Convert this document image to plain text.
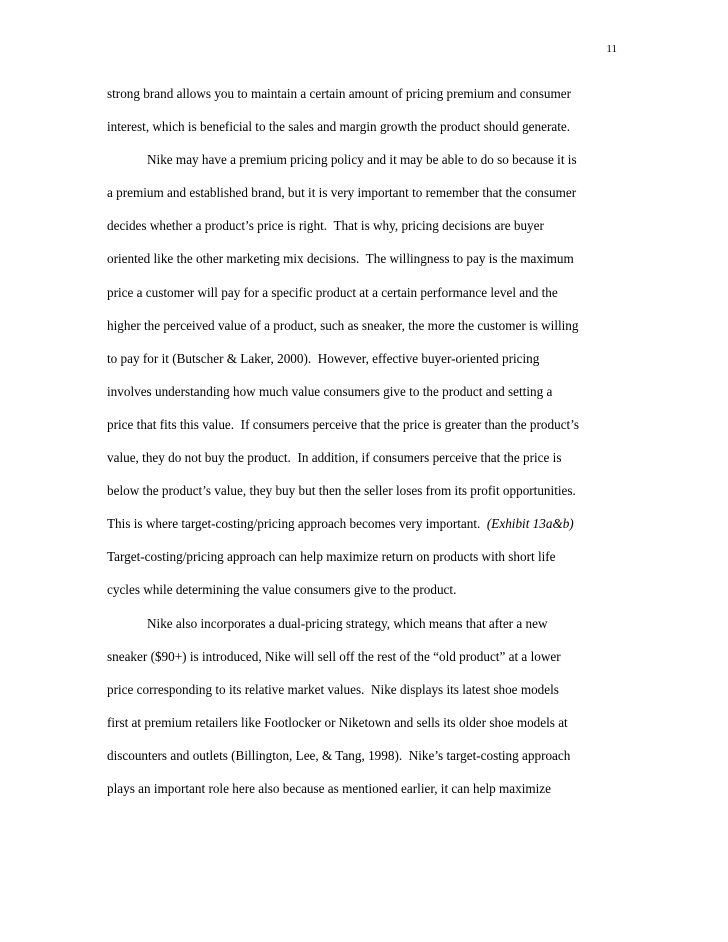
11
strong brand allows you to maintain a certain amount of pricing premium and consumer
interest, which is beneficial to the sales and margin growth the product should generate.
Nike may have a premium pricing policy and it may be able to do so because it is
a premium and established brand, but it is very important to remember that the consumer
decides whether a product’s price is right.  That is why, pricing decisions are buyer
oriented like the other marketing mix decisions.  The willingness to pay is the maximum
price a customer will pay for a specific product at a certain performance level and the
higher the perceived value of a product, such as sneaker, the more the customer is willing
to pay for it (Butscher & Laker, 2000).  However, effective buyer-oriented pricing
involves understanding how much value consumers give to the product and setting a
price that fits this value.  If consumers perceive that the price is greater than the product’s
value, they do not buy the product.  In addition, if consumers perceive that the price is
below the product’s value, they buy but then the seller loses from its profit opportunities.
This is where target-costing/pricing approach becomes very important.  (Exhibit 13a&b)
Target-costing/pricing approach can help maximize return on products with short life
cycles while determining the value consumers give to the product.
Nike also incorporates a dual-pricing strategy, which means that after a new
sneaker ($90+) is introduced, Nike will sell off the rest of the “old product” at a lower
price corresponding to its relative market values.  Nike displays its latest shoe models
first at premium retailers like Footlocker or Niketown and sells its older shoe models at
discounters and outlets (Billington, Lee, & Tang, 1998).  Nike’s target-costing approach
plays an important role here also because as mentioned earlier, it can help maximize
